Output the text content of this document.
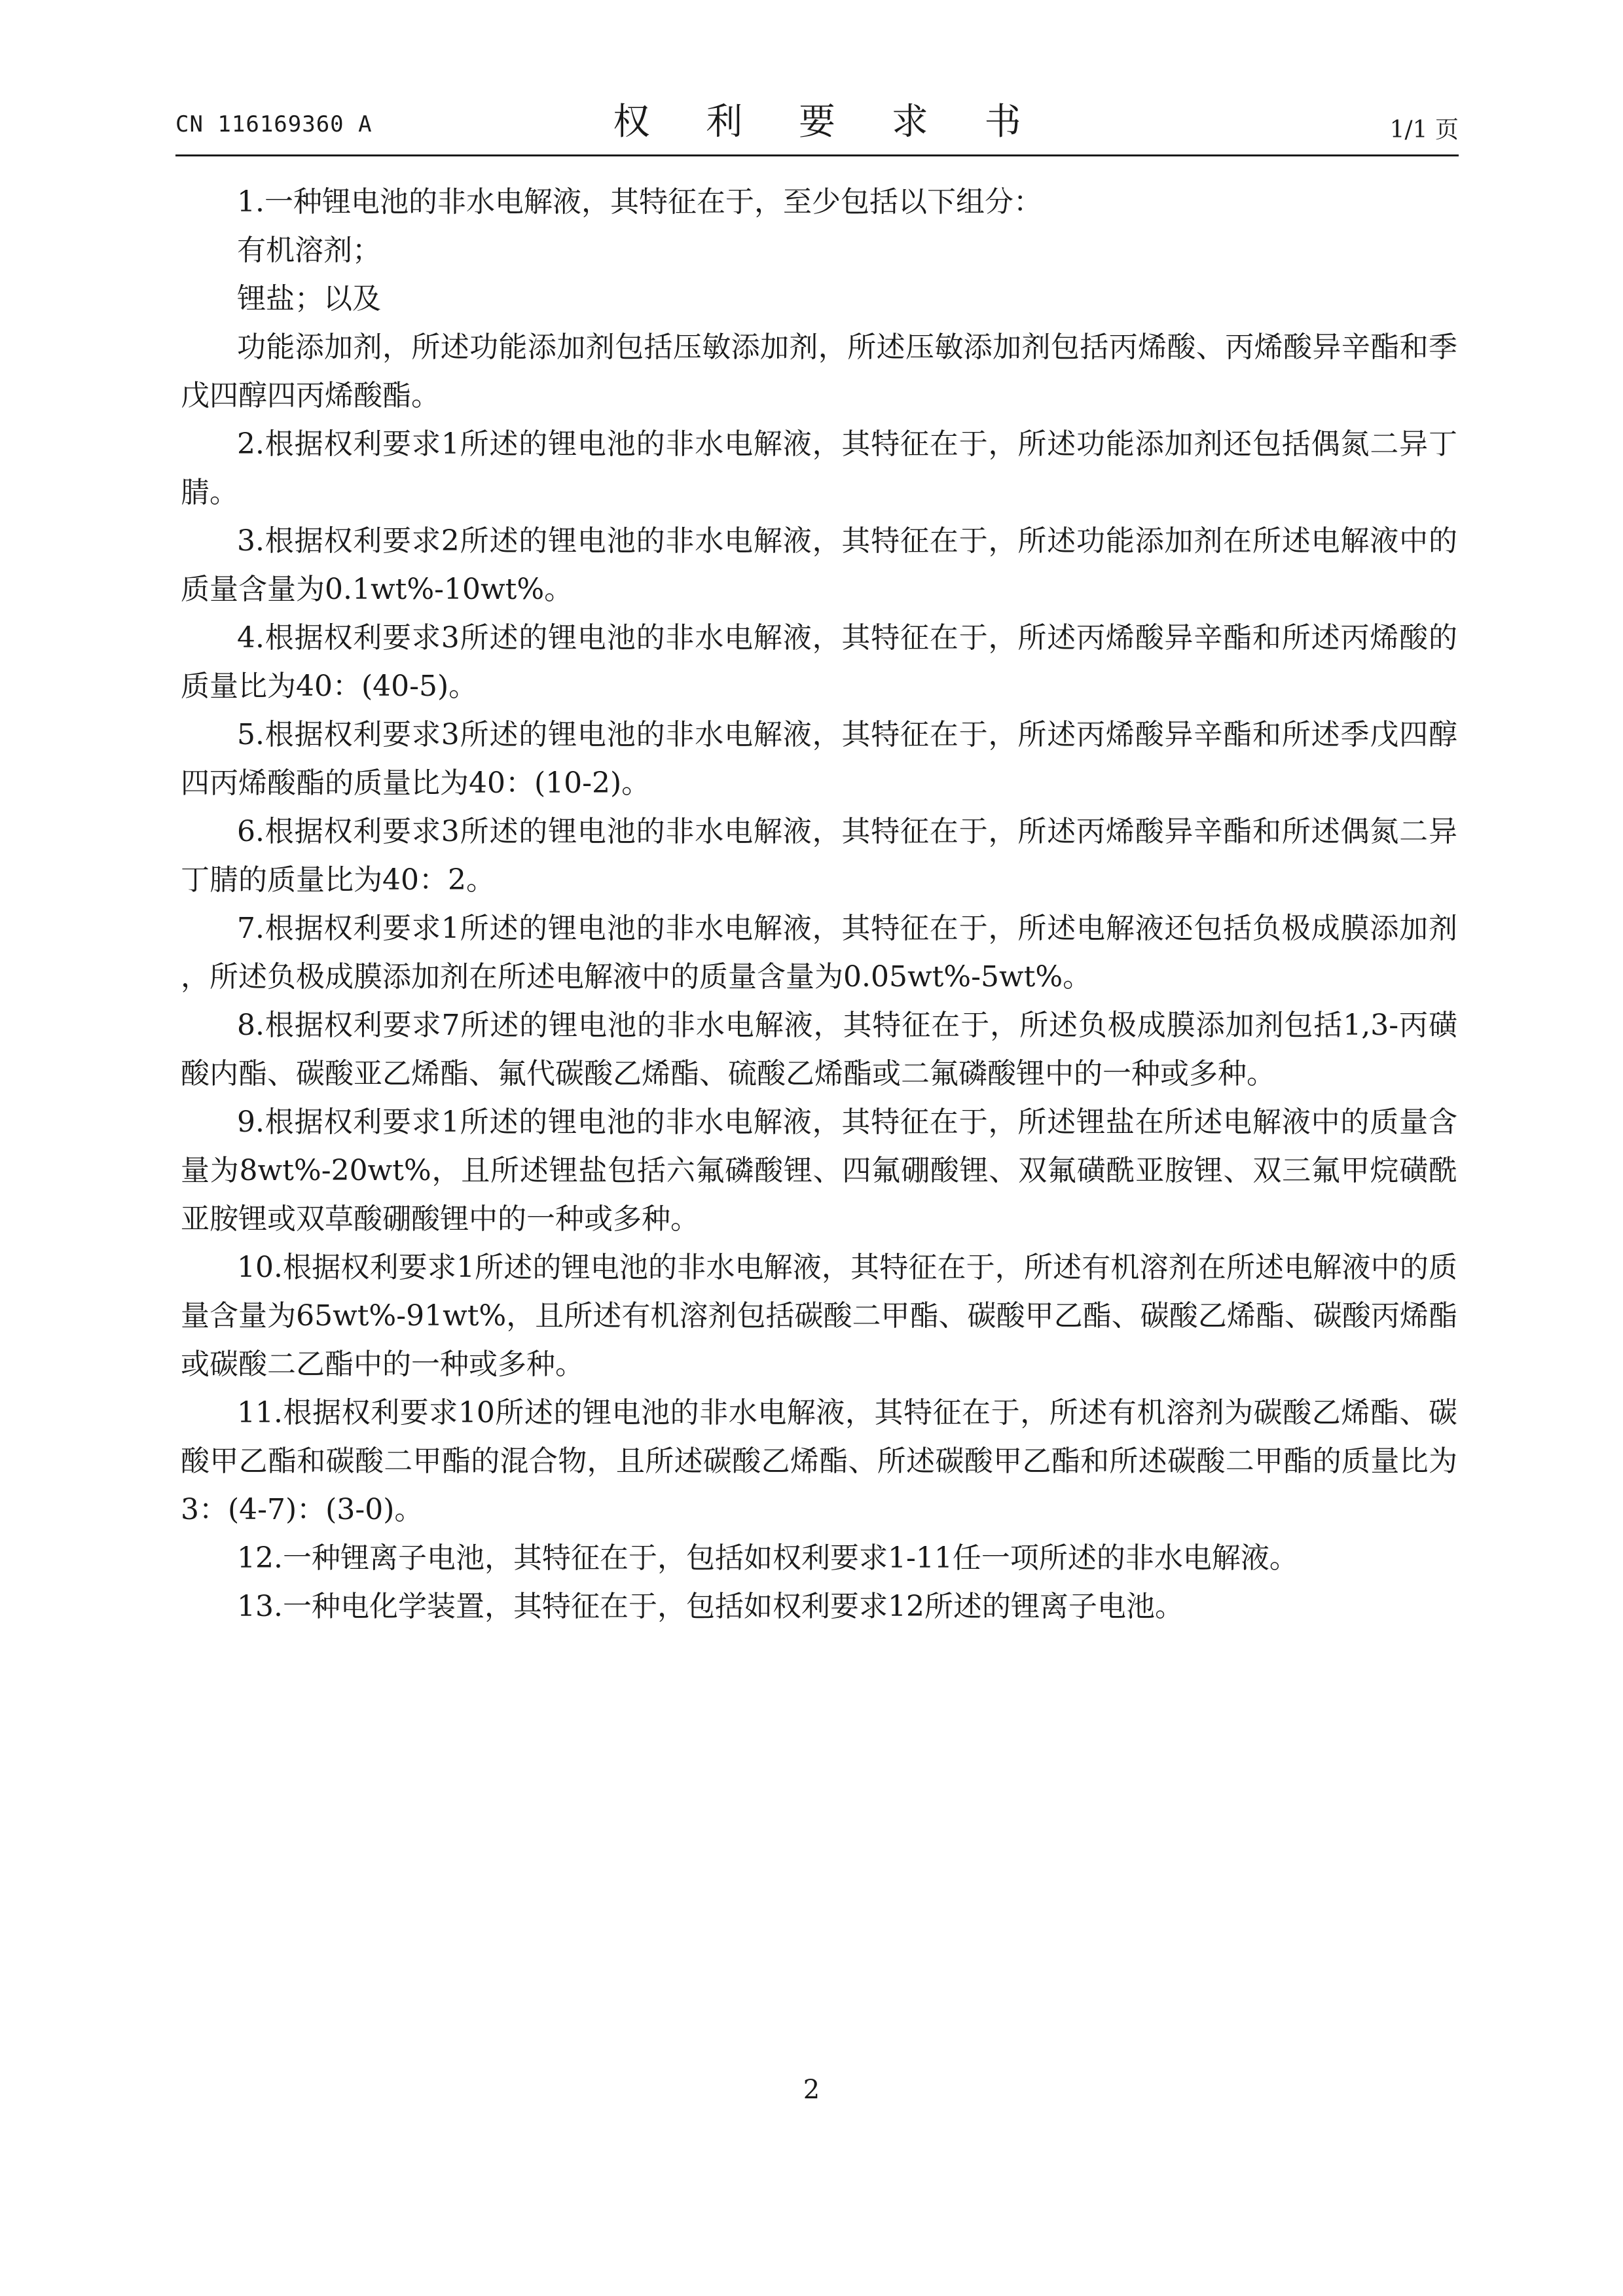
CN 116169360 A	权 利 要 求 书	1/1 页

1.一种锂电池的非水电解液，其特征在于，至少包括以下组分：

有机溶剂；

锂盐；以及

功能添加剂，所述功能添加剂包括压敏添加剂，所述压敏添加剂包括丙烯酸、丙烯酸异辛酯和季戊四醇四丙烯酸酯。

2.根据权利要求1所述的锂电池的非水电解液，其特征在于，所述功能添加剂还包括偶氮二异丁腈。

3.根据权利要求2所述的锂电池的非水电解液，其特征在于，所述功能添加剂在所述电解液中的质量含量为0.1wt%-10wt%。

4.根据权利要求3所述的锂电池的非水电解液，其特征在于，所述丙烯酸异辛酯和所述丙烯酸的质量比为40：(40-5)。

5.根据权利要求3所述的锂电池的非水电解液，其特征在于，所述丙烯酸异辛酯和所述季戊四醇四丙烯酸酯的质量比为40：(10-2)。

6.根据权利要求3所述的锂电池的非水电解液，其特征在于，所述丙烯酸异辛酯和所述偶氮二异丁腈的质量比为40：2。

7.根据权利要求1所述的锂电池的非水电解液，其特征在于，所述电解液还包括负极成膜添加剂，所述负极成膜添加剂在所述电解液中的质量含量为0.05wt%-5wt%。

8.根据权利要求7所述的锂电池的非水电解液，其特征在于，所述负极成膜添加剂包括1,3-丙磺酸内酯、碳酸亚乙烯酯、氟代碳酸乙烯酯、硫酸乙烯酯或二氟磷酸锂中的一种或多种。

9.根据权利要求1所述的锂电池的非水电解液，其特征在于，所述锂盐在所述电解液中的质量含量为8wt%-20wt%，且所述锂盐包括六氟磷酸锂、四氟硼酸锂、双氟磺酰亚胺锂、双三氟甲烷磺酰亚胺锂或双草酸硼酸锂中的一种或多种。

10.根据权利要求1所述的锂电池的非水电解液，其特征在于，所述有机溶剂在所述电解液中的质量含量为65wt%-91wt%，且所述有机溶剂包括碳酸二甲酯、碳酸甲乙酯、碳酸乙烯酯、碳酸丙烯酯或碳酸二乙酯中的一种或多种。

11.根据权利要求10所述的锂电池的非水电解液，其特征在于，所述有机溶剂为碳酸乙烯酯、碳酸甲乙酯和碳酸二甲酯的混合物，且所述碳酸乙烯酯、所述碳酸甲乙酯和所述碳酸二甲酯的质量比为3：(4-7)：(3-0)。

12.一种锂离子电池，其特征在于，包括如权利要求1-11任一项所述的非水电解液。

13.一种电化学装置，其特征在于，包括如权利要求12所述的锂离子电池。

2
